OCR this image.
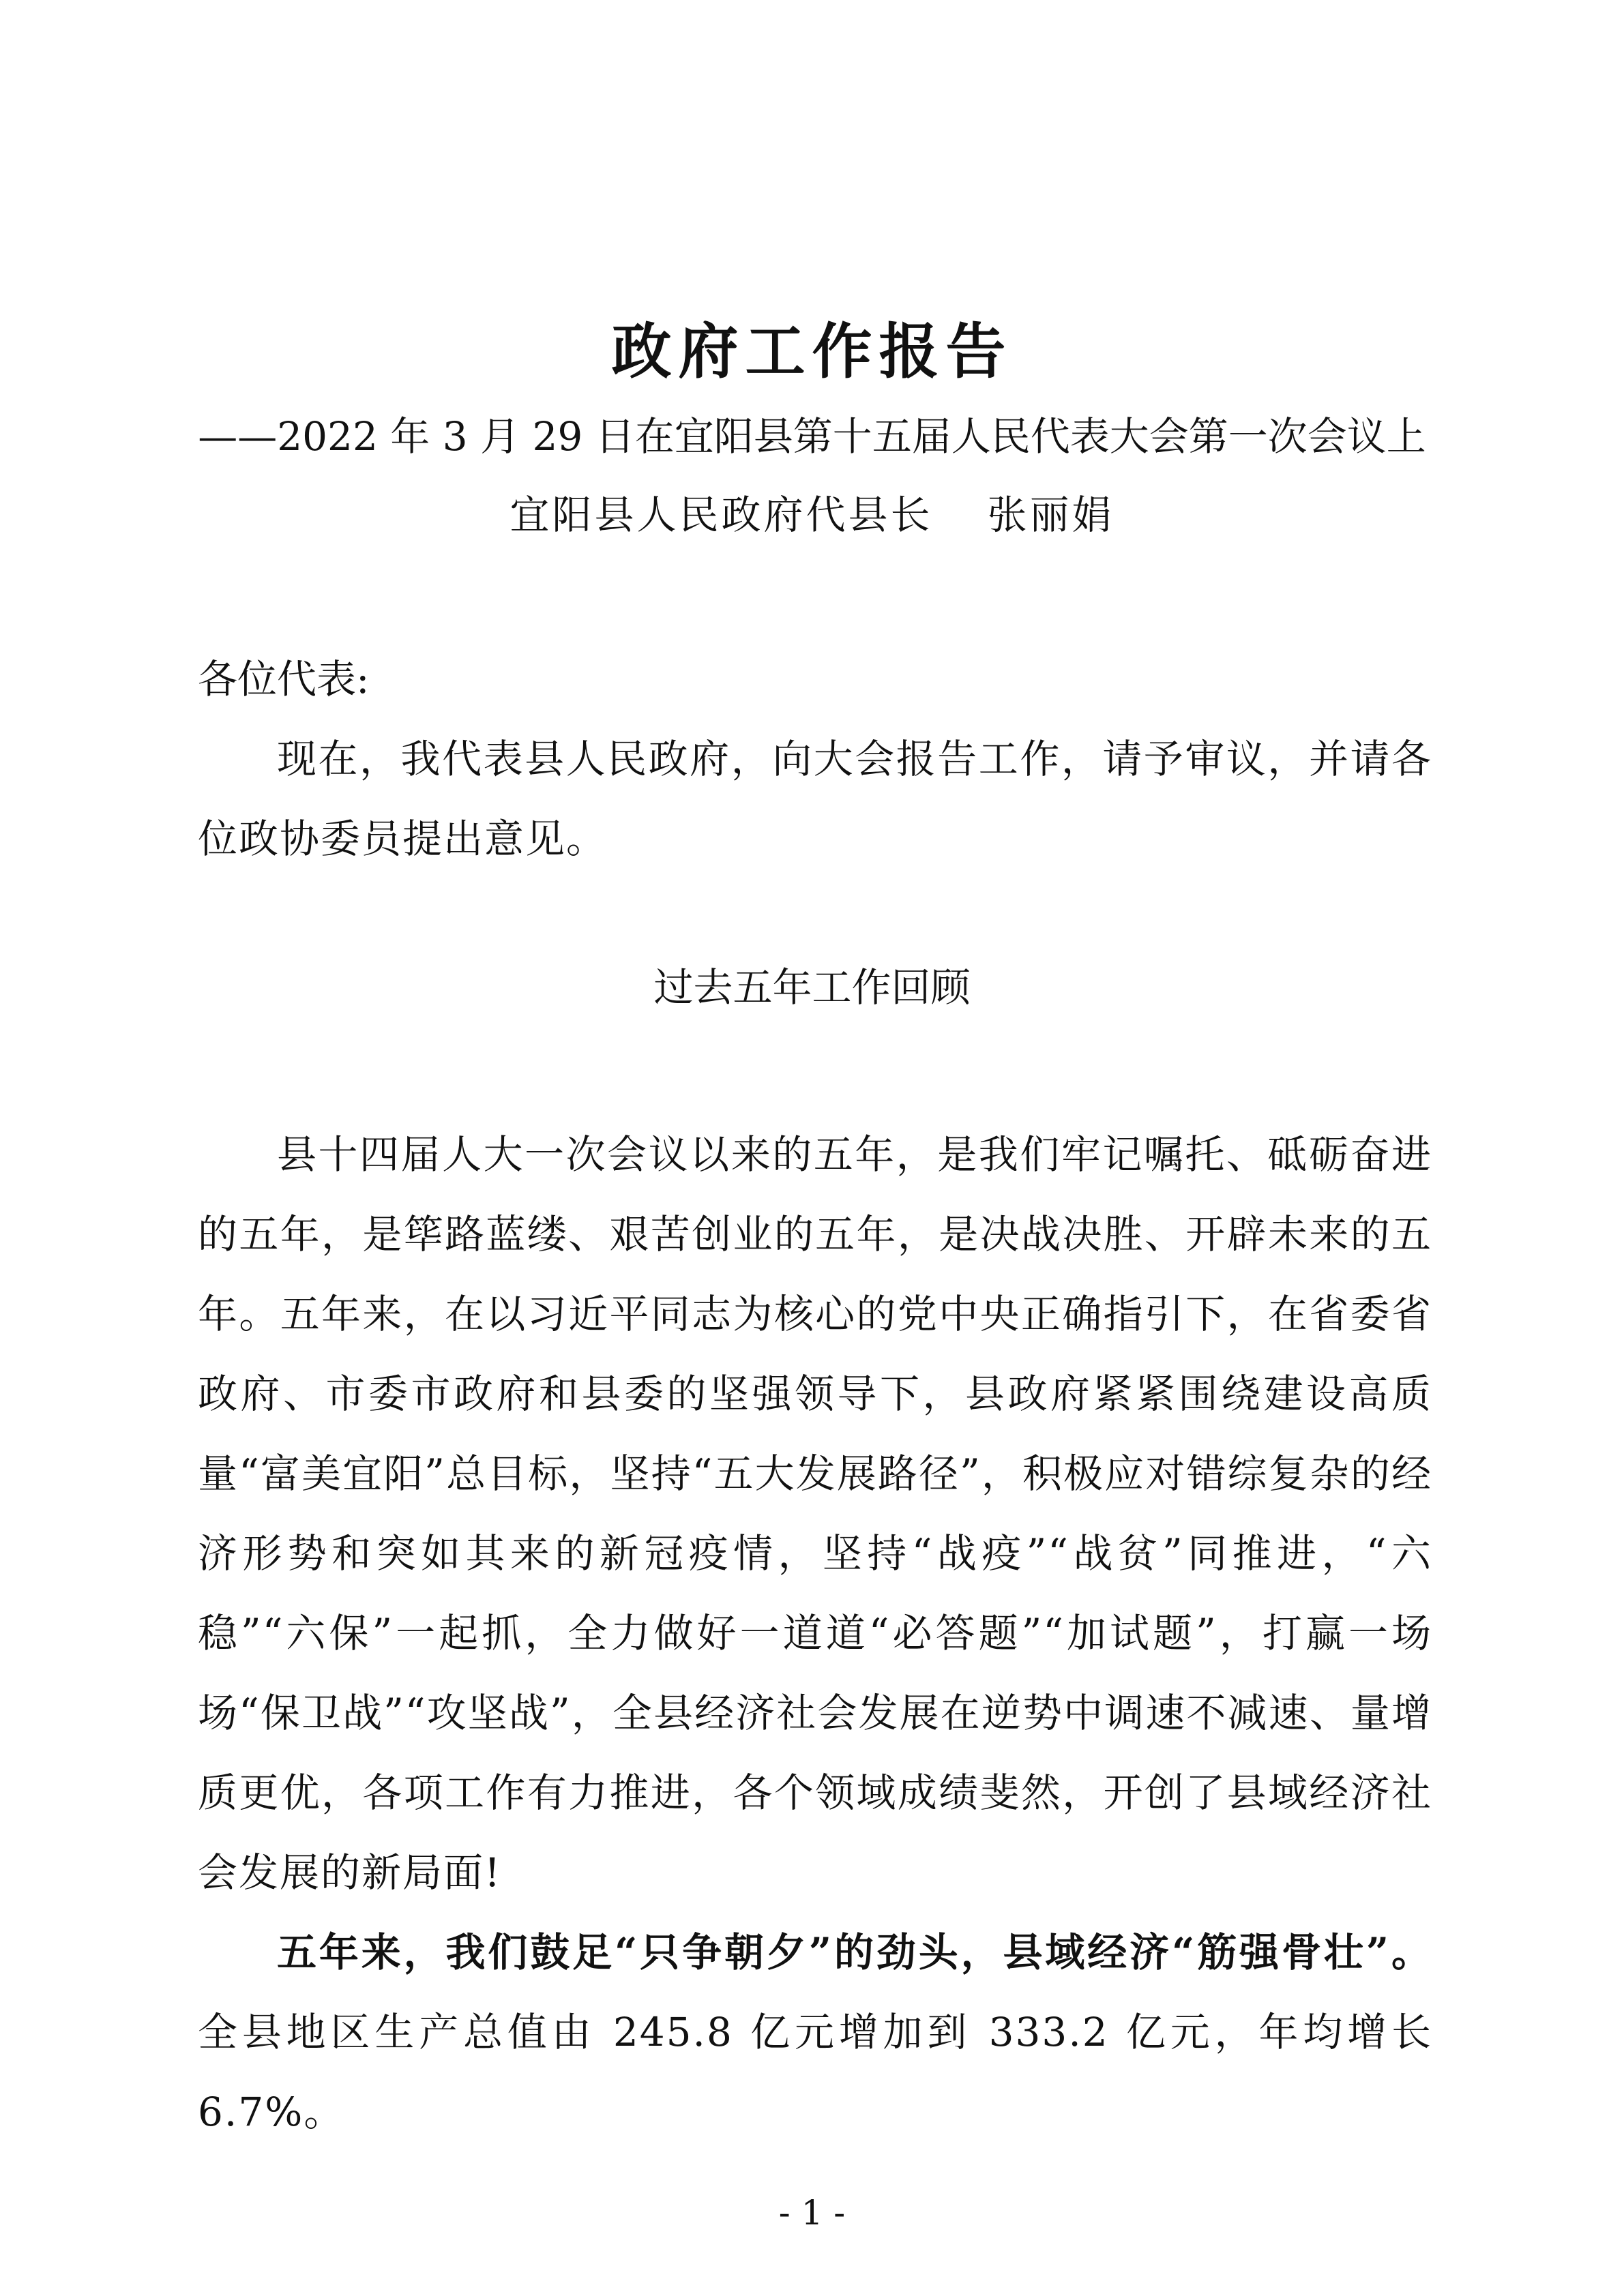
政府工作报告
——2022 年 3 月 29 日在宜阳县第十五届人民代表大会第一次会议上
宜阳县人民政府代县长 张丽娟
各位代表:

现在，我代表县人民政府，向大会报告工作，请予审议，并请各位政协委员提出意见。

过去五年工作回顾

县十四届人大一次会议以来的五年，是我们牢记嘱托、砥砺奋进的五年，是筚路蓝缕、艰苦创业的五年，是决战决胜、开辟未来的五年。五年来，在以习近平同志为核心的党中央正确指引下，在省委省政府、市委市政府和县委的坚强领导下，县政府紧紧围绕建设高质量“富美宜阳”总目标，坚持“五大发展路径”，积极应对错综复杂的经济形势和突如其来的新冠疫情，坚持“战疫”“战贫”同推进，“六稳”“六保”一起抓，全力做好一道道“必答题”“加试题”，打赢一场场“保卫战”“攻坚战”，全县经济社会发展在逆势中调速不减速、量增质更优，各项工作有力推进，各个领域成绩斐然，开创了县域经济社会发展的新局面!

五年来，我们鼓足“只争朝夕”的劲头，县域经济“筋强骨壮”。全县地区生产总值由 245.8 亿元增加到 333.2 亿元，年均增长 6.7%。

- 1 -
